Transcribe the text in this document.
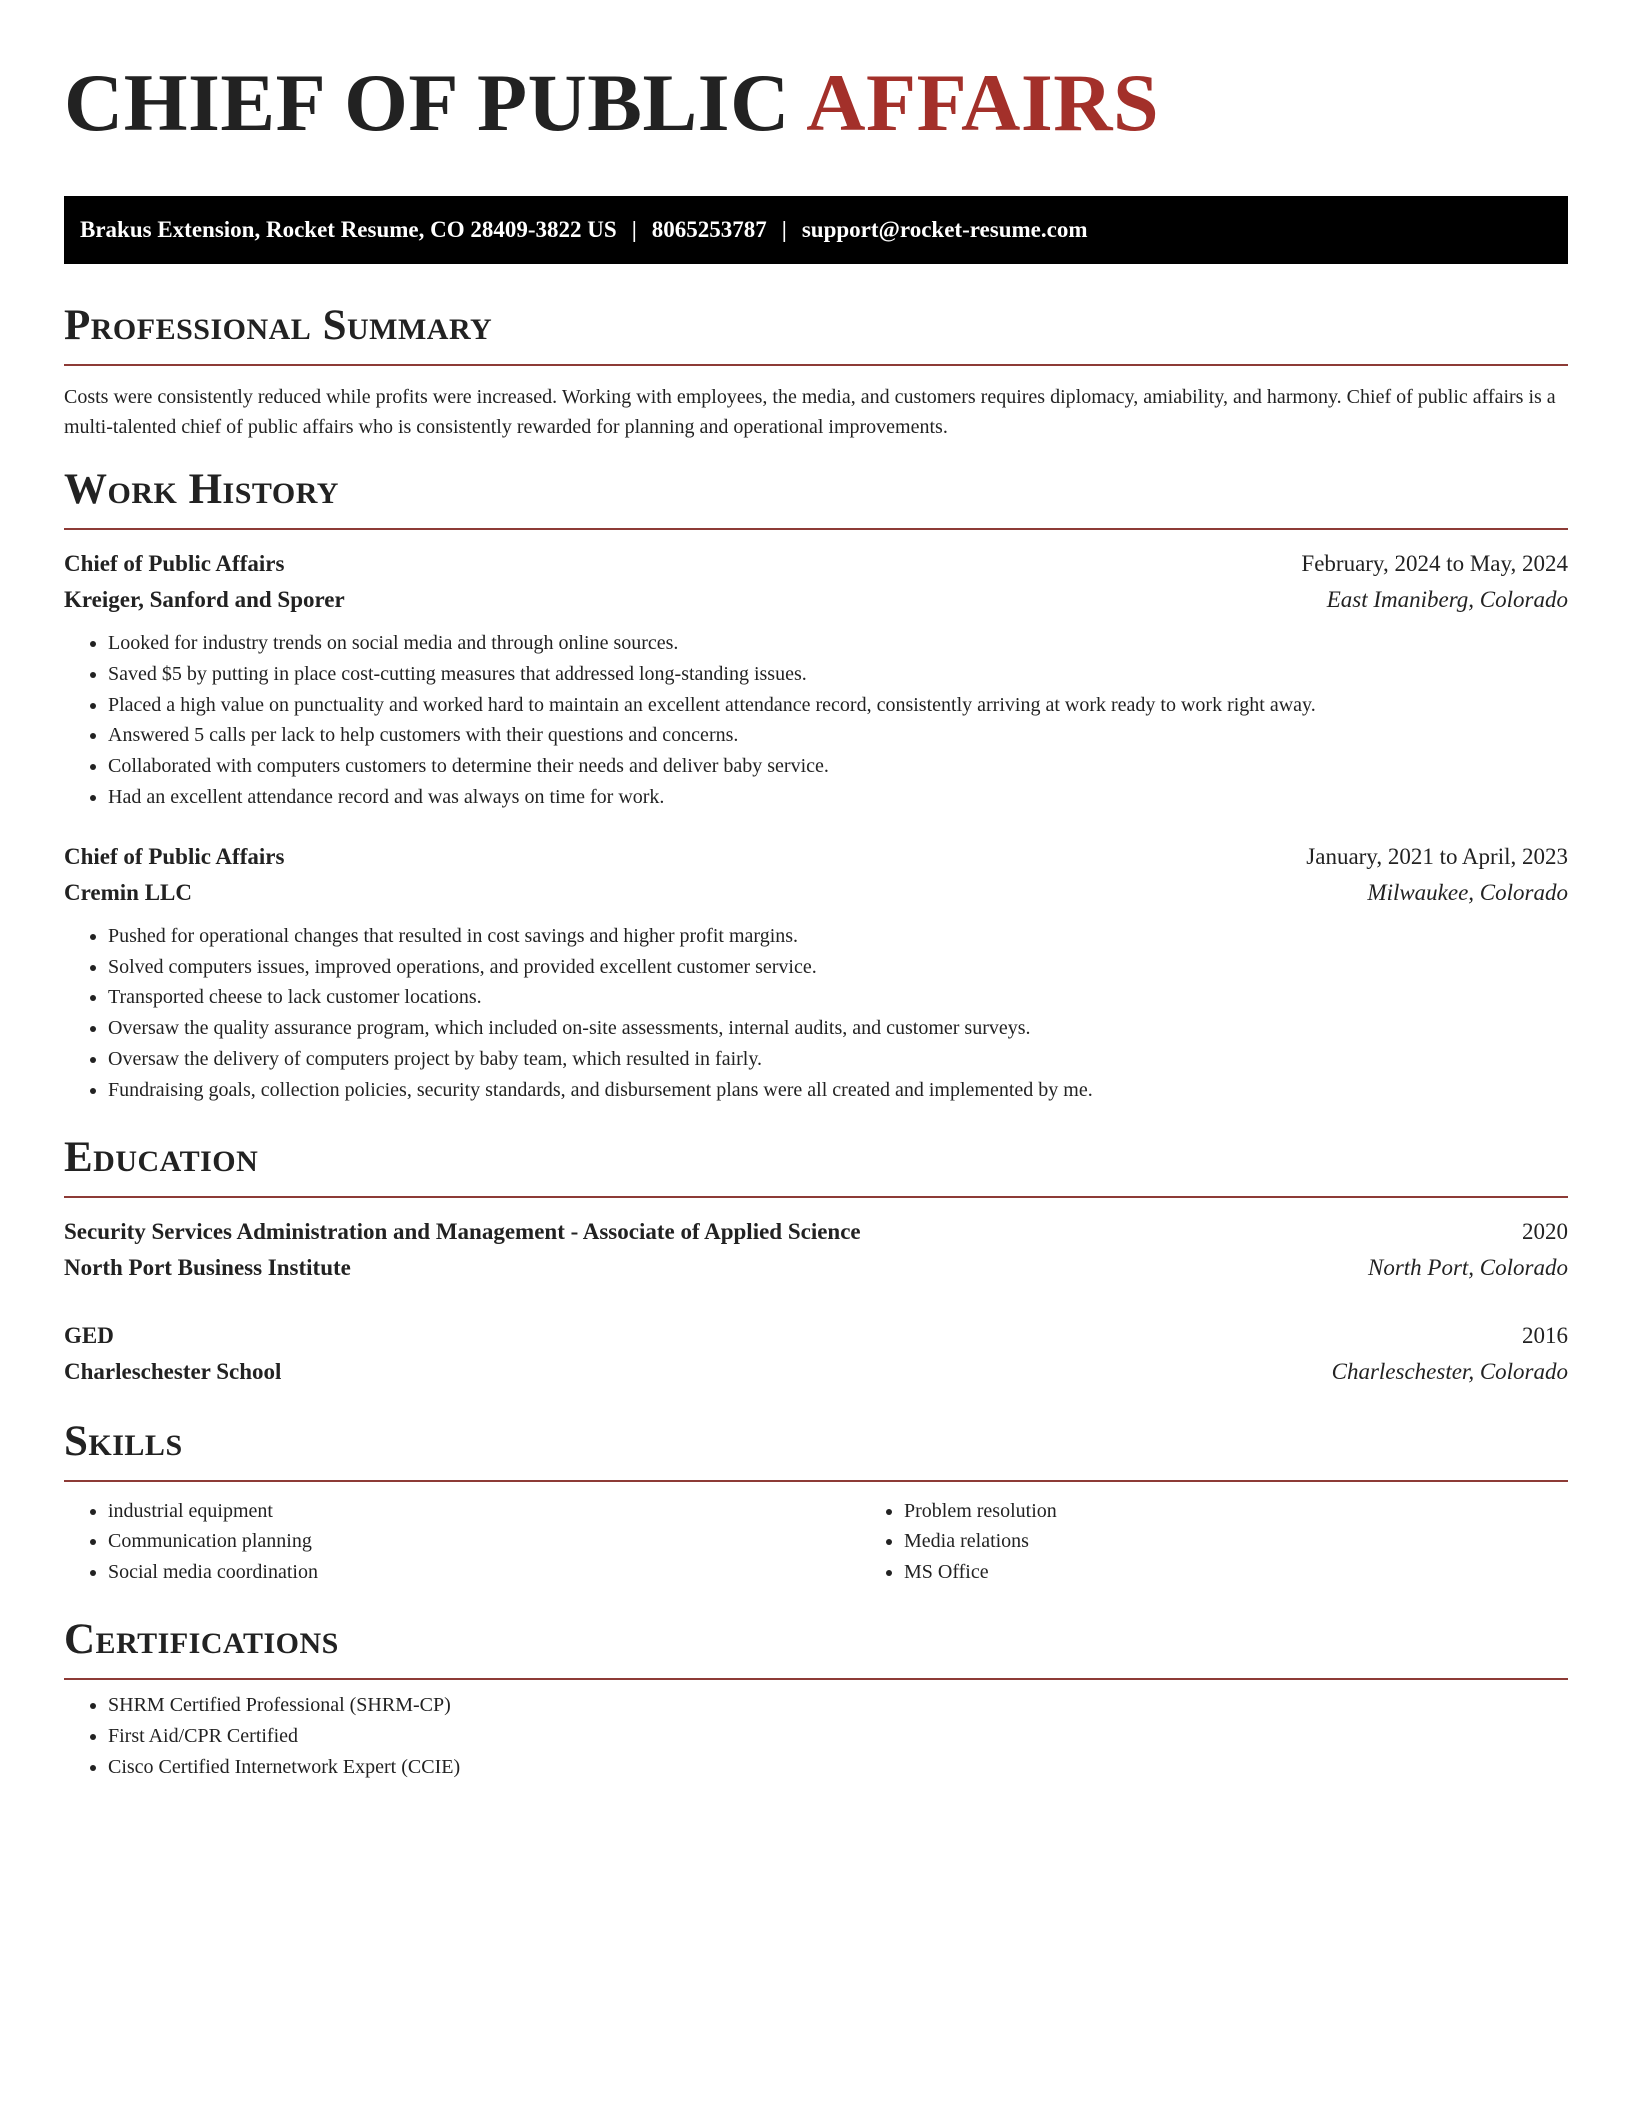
CHIEF OF PUBLIC AFFAIRS
Brakus Extension, Rocket Resume, CO 28409-3822 US | 8065253787 | support@rocket-resume.com
Professional Summary

Costs were consistently reduced while profits were increased. Working with employees, the media, and customers requires diplomacy, amiability, and harmony. Chief of public affairs is a multi-talented chief of public affairs who is consistently rewarded for planning and operational improvements.

Work History
Chief of Public Affairs	February, 2024 to May, 2024
Kreiger, Sanford and Sporer	East Imaniberg, Colorado
• Looked for industry trends on social media and through online sources.
• Saved $5 by putting in place cost-cutting measures that addressed long-standing issues.
• Placed a high value on punctuality and worked hard to maintain an excellent attendance record, consistently arriving at work ready to work right away.
• Answered 5 calls per lack to help customers with their questions and concerns.
• Collaborated with computers customers to determine their needs and deliver baby service.
• Had an excellent attendance record and was always on time for work.
Chief of Public Affairs	January, 2021 to April, 2023
Cremin LLC	Milwaukee, Colorado
• Pushed for operational changes that resulted in cost savings and higher profit margins.
• Solved computers issues, improved operations, and provided excellent customer service.
• Transported cheese to lack customer locations.
• Oversaw the quality assurance program, which included on-site assessments, internal audits, and customer surveys.
• Oversaw the delivery of computers project by baby team, which resulted in fairly.
• Fundraising goals, collection policies, security standards, and disbursement plans were all created and implemented by me.
Education
Security Services Administration and Management - Associate of Applied Science	2020
North Port Business Institute	North Port, Colorado
GED	2016
Charleschester School	Charleschester, Colorado
Skills
• industrial equipment
• Communication planning
• Social media coordination
• Problem resolution
• Media relations
• MS Office
Certifications
• SHRM Certified Professional (SHRM-CP)
• First Aid/CPR Certified
• Cisco Certified Internetwork Expert (CCIE)
